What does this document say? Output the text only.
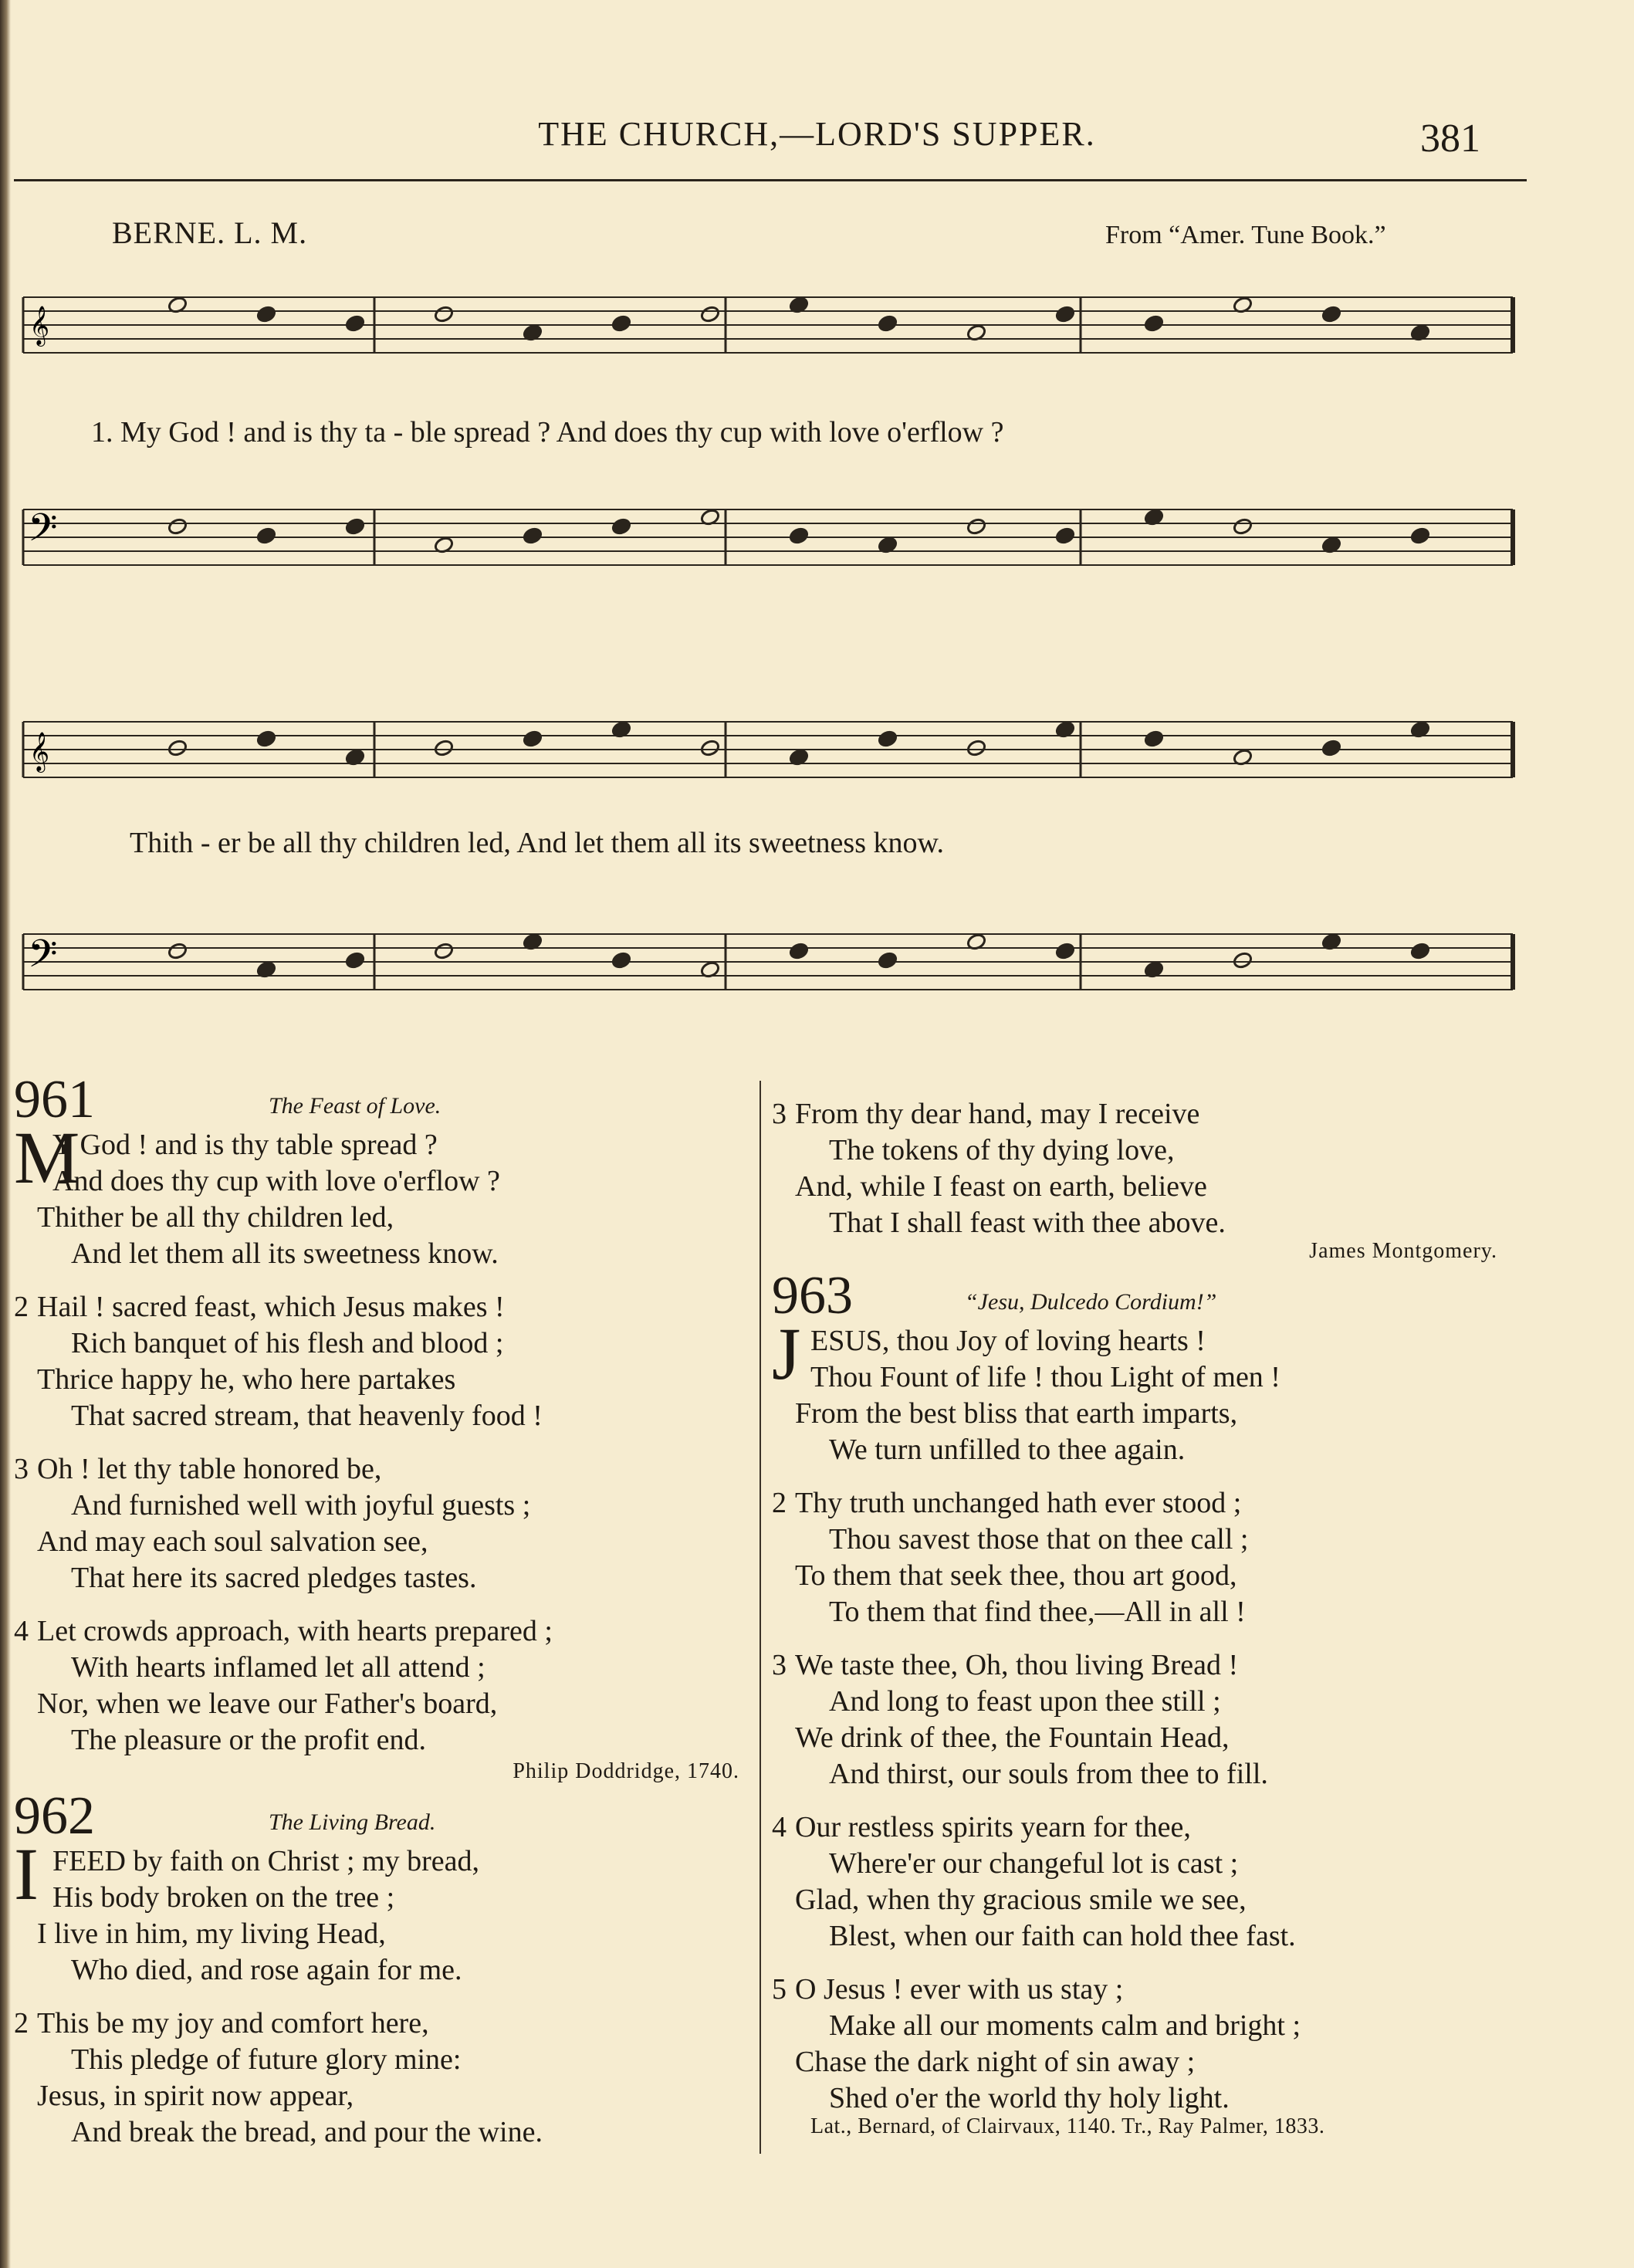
THE CHURCH,—LORD'S SUPPER.	381
BERNE. L. M.	From “Amer. Tune Book.”
𝄞
𝄞
𝄢
𝄢
1. My God ! and is thy ta - ble spread ? And does thy cup with love o'erflow ?
Thith - er be all thy children led, And let them all its sweetness know.
961	The Feast of Love.
M
Y God ! and is thy table spread ?
And does thy cup with love o'erflow ?
Thither be all thy children led,
And let them all its sweetness know.
2 Hail ! sacred feast, which Jesus makes !
Rich banquet of his flesh and blood ;
Thrice happy he, who here partakes
That sacred stream, that heavenly food !
3 Oh ! let thy table honored be,
And furnished well with joyful guests ;
And may each soul salvation see,
That here its sacred pledges tastes.
4 Let crowds approach, with hearts prepared ;
With hearts inflamed let all attend ;
Nor, when we leave our Father's board,
The pleasure or the profit end.
Philip Doddridge, 1740.
962	The Living Bread.
I FEED by faith on Christ ; my bread,
His body broken on the tree ;
I live in him, my living Head,
Who died, and rose again for me.
2 This be my joy and comfort here,
This pledge of future glory mine:
Jesus, in spirit now appear,
And break the bread, and pour the wine.
3 From thy dear hand, may I receive
The tokens of thy dying love,
And, while I feast on earth, believe
That I shall feast with thee above.
James Montgomery.
963	“Jesu, Dulcedo Cordium!”
J ESUS, thou Joy of loving hearts !
Thou Fount of life ! thou Light of men !
From the best bliss that earth imparts,
We turn unfilled to thee again.
2 Thy truth unchanged hath ever stood ;
Thou savest those that on thee call ;
To them that seek thee, thou art good,
To them that find thee,—All in all !
3 We taste thee, Oh, thou living Bread !
And long to feast upon thee still ;
We drink of thee, the Fountain Head,
And thirst, our souls from thee to fill.
4 Our restless spirits yearn for thee,
Where'er our changeful lot is cast ;
Glad, when thy gracious smile we see,
Blest, when our faith can hold thee fast.
5 O Jesus ! ever with us stay ;
Make all our moments calm and bright ;
Chase the dark night of sin away ;
Shed o'er the world thy holy light.
Lat., Bernard, of Clairvaux, 1140. Tr., Ray Palmer, 1833.
